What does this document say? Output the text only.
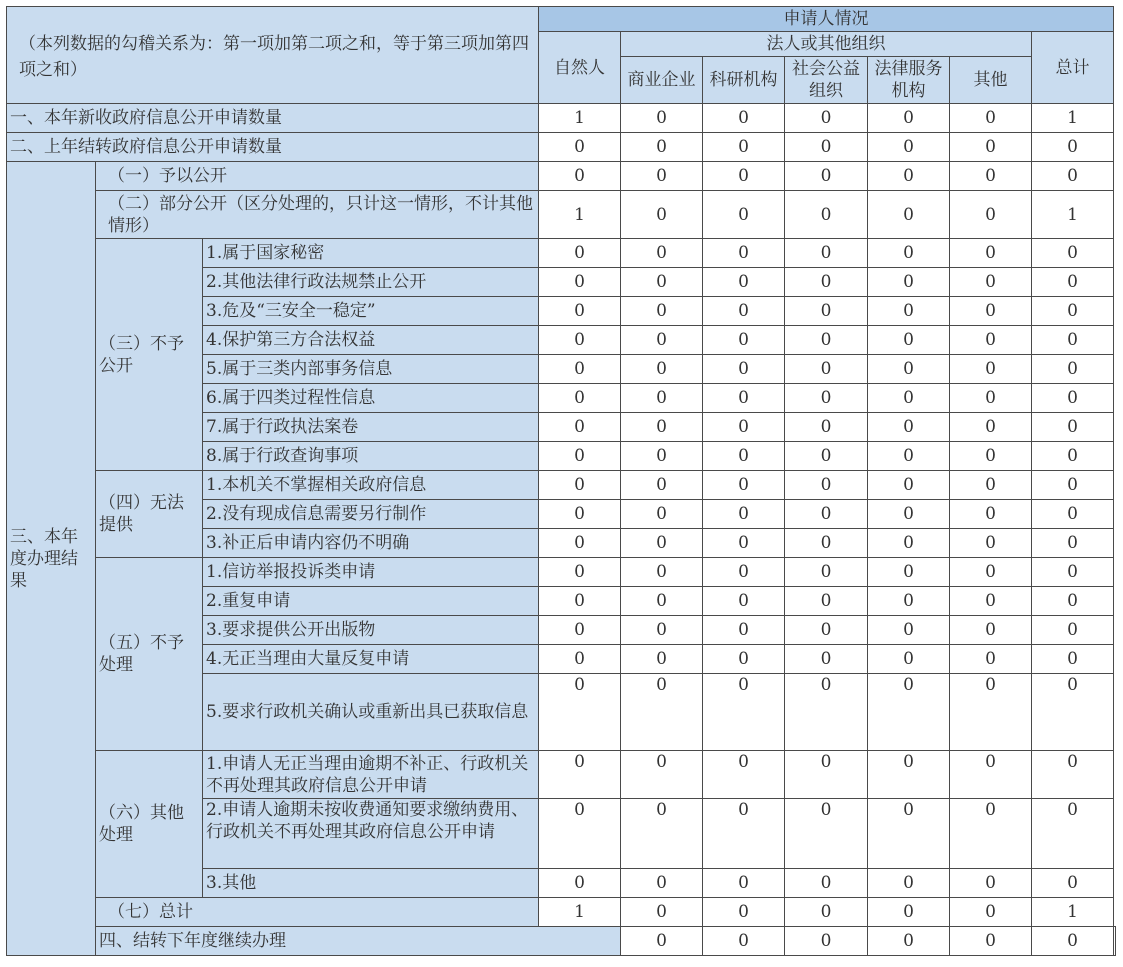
（本列数据的勾稽关系为：第一项加第二项之和，等于第三项加第四项之和）			申请人情况							
			自然人	法人或其他组织					总计	
				商业企业	科研机构	社会公益组织	法律服务机构	其他		
一、本年新收政府信息公开申请数量			1	0	0	0	0	0	1	
二、上年结转政府信息公开申请数量			0	0	0	0	0	0	0	
三、本年度办理结果	（一）予以公开		0	0	0	0	0	0	0	
	（二）部分公开（区分处理的，只计这一情形，不计其他情形）		1	0	0	0	0	0	1	
	（三）不予公开	1.属于国家秘密	0	0	0	0	0	0	0	
		2.其他法律行政法规禁止公开	0	0	0	0	0	0	0	
		3.危及“三安全一稳定”	0	0	0	0	0	0	0	
		4.保护第三方合法权益	0	0	0	0	0	0	0	
		5.属于三类内部事务信息	0	0	0	0	0	0	0	
		6.属于四类过程性信息	0	0	0	0	0	0	0	
		7.属于行政执法案卷	0	0	0	0	0	0	0	
		8.属于行政查询事项	0	0	0	0	0	0	0	
	（四）无法提供	1.本机关不掌握相关政府信息	0	0	0	0	0	0	0	
		2.没有现成信息需要另行制作	0	0	0	0	0	0	0	
		3.补正后申请内容仍不明确	0	0	0	0	0	0	0	
	（五）不予处理	1.信访举报投诉类申请	0	0	0	0	0	0	0	
		2.重复申请	0	0	0	0	0	0	0	
		3.要求提供公开出版物	0	0	0	0	0	0	0	
		4.无正当理由大量反复申请	0	0	0	0	0	0	0	
		5.要求行政机关确认或重新出具已获取信息	0	0	0	0	0	0	0	
	（六）其他处理	1.申请人无正当理由逾期不补正、行政机关不再处理其政府信息公开申请	0	0	0	0	0	0	0	
		2.申请人逾期未按收费通知要求缴纳费用、行政机关不再处理其政府信息公开申请	0	0	0	0	0	0	0	
		3.其他	0	0	0	0	0	0	0	
	（七）总计		1	0	0	0	0	0	1	
	四、结转下年度继续办理			0	0	0	0	0	0	
